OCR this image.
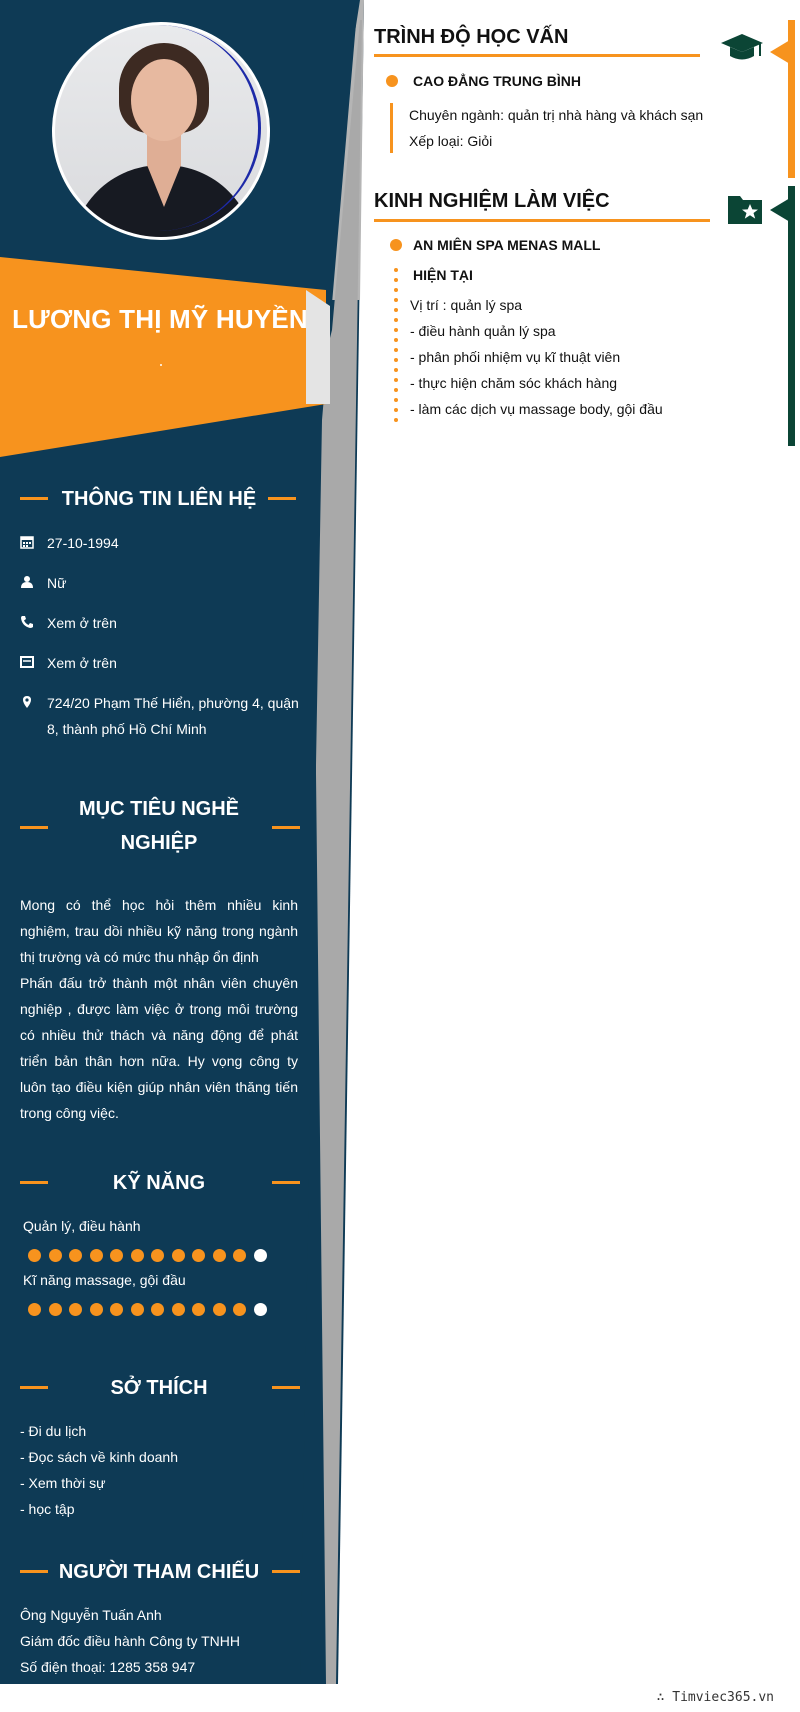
LƯƠNG THỊ MỸ HUYỀN
THÔNG TIN LIÊN HỆ
27-10-1994
Nữ
Xem ở trên
Xem ở trên
724/20 Phạm Thế Hiển, phường 4, quận 8, thành phố Hồ Chí Minh
MỤC TIÊU NGHỀ
NGHIỆP
Mong có thể học hỏi thêm nhiều kinh nghiệm, trau dồi nhiều kỹ năng trong ngành thị trường và có mức thu nhập ổn định
Phấn đấu trở thành một nhân viên chuyên nghiệp , được làm việc ở trong môi trường có nhiều thử thách và năng động để phát triển bản thân hơn nữa. Hy vọng công ty luôn tạo điều kiện giúp nhân viên thăng tiến trong công việc.
KỸ NĂNG
Quản lý, điều hành
Kĩ năng massage, gội đầu
SỞ THÍCH
- Đi du lịch
- Đọc sách về kinh doanh
- Xem thời sự
- học tập
NGƯỜI THAM CHIẾU
Ông Nguyễn Tuấn Anh
Giám đốc điều hành Công ty TNHH
Số điện thoại: 1285 358 947
TRÌNH ĐỘ HỌC VẤN
CAO ĐẲNG TRUNG BÌNH
Chuyên ngành: quản trị nhà hàng và khách sạn
Xếp loại: Giỏi
KINH NGHIỆM LÀM VIỆC
AN MIÊN SPA MENAS MALL
HIỆN TẠI
Vị trí : quản lý spa
- điều hành quản lý spa
- phân phối nhiệm vụ kĩ thuật viên
- thực hiện chăm sóc khách hàng
- làm các dịch vụ massage body, gội đầu
∴ Timviec365.vn
